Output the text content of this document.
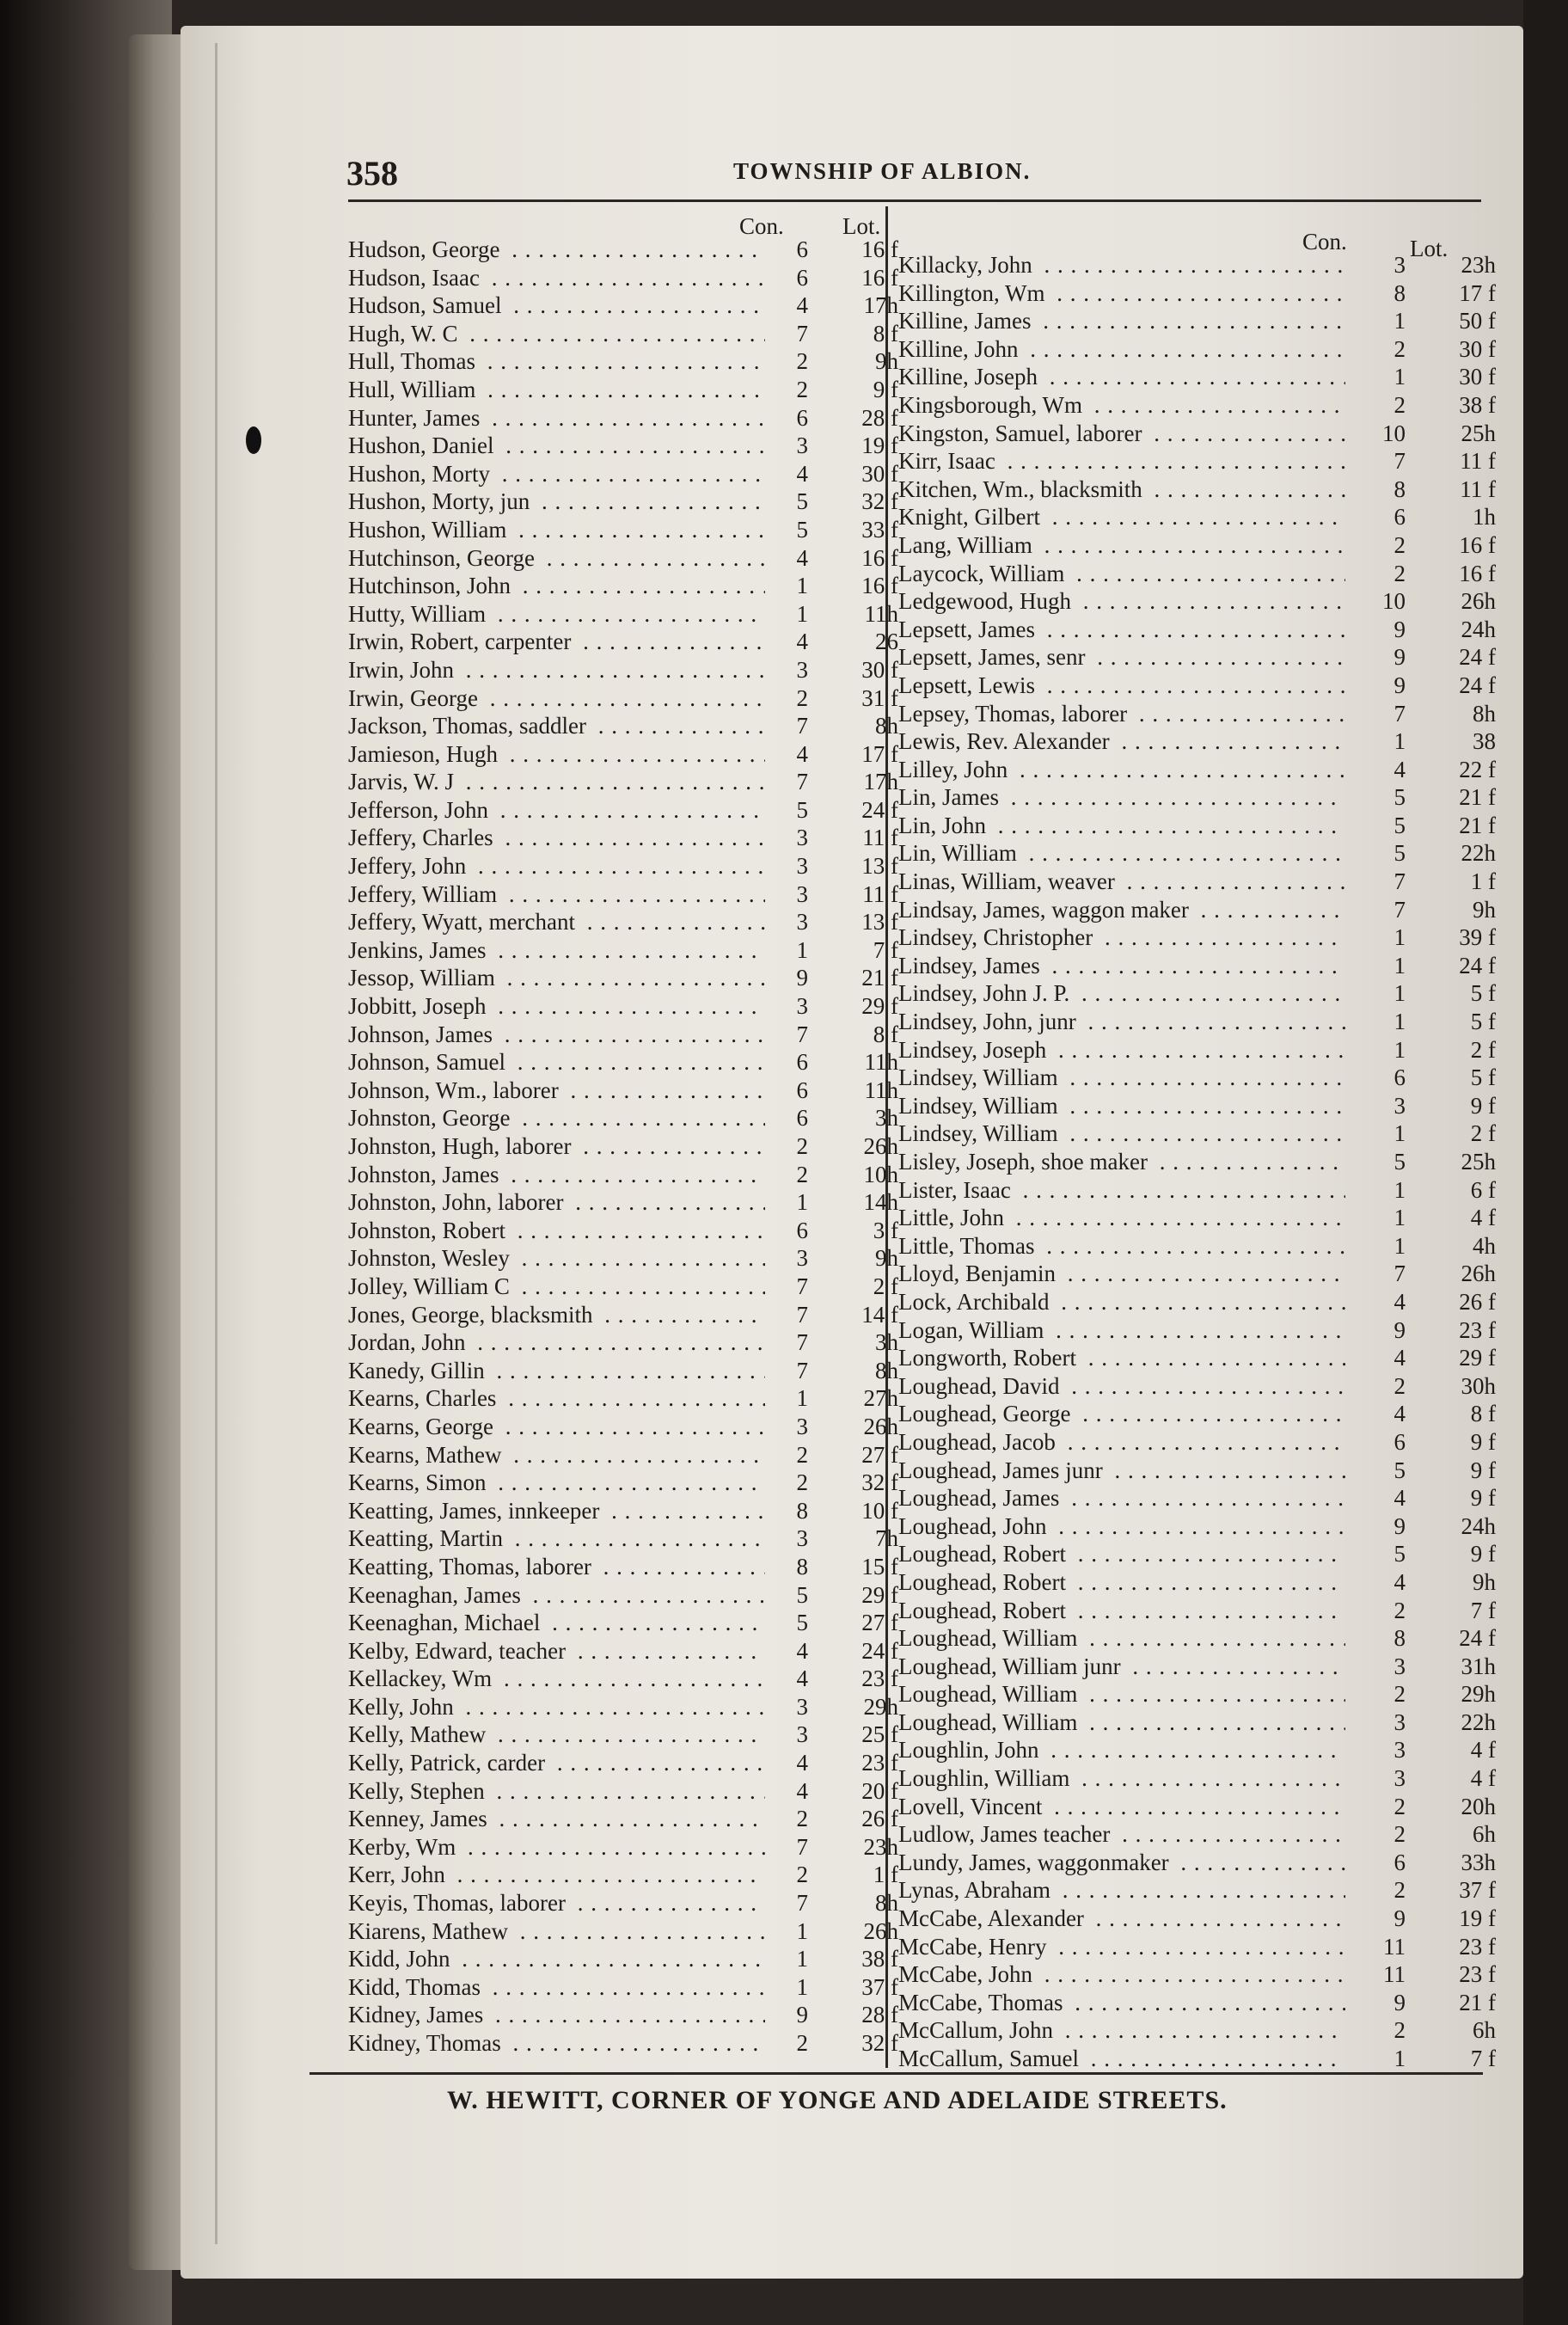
358	TOWNSHIP OF ALBION.
Con.	Lot.
Con.	Lot.
Hudson, George . . .	6	16 f
Hudson, Isaac . . .	6	16 f
Hudson, Samuel . . .	4	17h
Hugh, W. C . . .	7	8 f
Hull, Thomas . . .	2	9h
Hull, William . . .	2	9 f
Hunter, James . . .	6	28 f
Hushon, Daniel . . .	3	19 f
Hushon, Morty . . .	4	30 f
Hushon, Morty, jun . . .	5	32 f
Hushon, William . . .	5	33 f
Hutchinson, George . . .	4	16 f
Hutchinson, John . . .	1	16 f
Hutty, William . . .	1	11h
Irwin, Robert, carpenter . . .	4	26
Irwin, John . . .	3	30 f
Irwin, George . . .	2	31 f
Jackson, Thomas, saddler . . .	7	8h
Jamieson, Hugh . . .	4	17 f
Jarvis, W. J . . .	7	17h
Jefferson, John . . .	5	24 f
Jeffery, Charles . . .	3	11 f
Jeffery, John . . .	3	13 f
Jeffery, William . . .	3	11 f
Jeffery, Wyatt, merchant . . .	3	13 f
Jenkins, James . . .	1	7 f
Jessop, William . . .	9	21 f
Jobbitt, Joseph . . .	3	29 f
Johnson, James . . .	7	8 f
Johnson, Samuel . . .	6	11h
Johnson, Wm., laborer . . .	6	11h
Johnston, George . . .	6	3h
Johnston, Hugh, laborer . . .	2	26h
Johnston, James . . .	2	10h
Johnston, John, laborer . . .	1	14h
Johnston, Robert . . .	6	3 f
Johnston, Wesley . . .	3	9h
Jolley, William C . . .	7	2 f
Jones, George, blacksmith . . .	7	14 f
Jordan, John . . .	7	3h
Kanedy, Gillin . . .	7	8h
Kearns, Charles . . .	1	27h
Kearns, George . . .	3	26h
Kearns, Mathew . . .	2	27 f
Kearns, Simon . . .	2	32 f
Keatting, James, innkeeper . . .	8	10 f
Keatting, Martin . . .	3	7h
Keatting, Thomas, laborer . . .	8	15 f
Keenaghan, James . . .	5	29 f
Keenaghan, Michael . . .	5	27 f
Kelby, Edward, teacher . . .	4	24 f
Kellackey, Wm . . .	4	23 f
Kelly, John . . .	3	29h
Kelly, Mathew . . .	3	25 f
Kelly, Patrick, carder . . .	4	23 f
Kelly, Stephen . . .	4	20 f
Kenney, James . . .	2	26 f
Kerby, Wm . . .	7	23h
Kerr, John . . .	2	1 f
Keyis, Thomas, laborer . . .	7	8h
Kiarens, Mathew . . .	1	26h
Kidd, John . . .	1	38 f
Kidd, Thomas . . .	1	37 f
Kidney, James . . .	9	28 f
Kidney, Thomas . . .	2	32 f
Killacky, John . . .	3	23h
Killington, Wm . . .	8	17 f
Killine, James . . .	1	50 f
Killine, John . . .	2	30 f
Killine, Joseph . . .	1	30 f
Kingsborough, Wm . . .	2	38 f
Kingston, Samuel, laborer . . .	10	25h
Kirr, Isaac . . .	7	11 f
Kitchen, Wm., blacksmith . . .	8	11 f
Knight, Gilbert . . .	6	1h
Lang, William . . .	2	16 f
Laycock, William . . .	2	16 f
Ledgewood, Hugh . . .	10	26h
Lepsett, James . . .	9	24h
Lepsett, James, senr . . .	9	24 f
Lepsett, Lewis . . .	9	24 f
Lepsey, Thomas, laborer . . .	7	8h
Lewis, Rev. Alexander . . .	1	38
Lilley, John . . .	4	22 f
Lin, James . . .	5	21 f
Lin, John . . .	5	21 f
Lin, William . . .	5	22h
Linas, William, weaver . . .	7	1 f
Lindsay, James, waggon maker . . .	7	9h
Lindsey, Christopher . . .	1	39 f
Lindsey, James . . .	1	24 f
Lindsey, John J. P. . . .	1	5 f
Lindsey, John, junr . . .	1	5 f
Lindsey, Joseph . . .	1	2 f
Lindsey, William . . .	6	5 f
Lindsey, William . . .	3	9 f
Lindsey, William . . .	1	2 f
Lisley, Joseph, shoe maker . . .	5	25h
Lister, Isaac . . .	1	6 f
Little, John . . .	1	4 f
Little, Thomas . . .	1	4h
Lloyd, Benjamin . . .	7	26h
Lock, Archibald . . .	4	26 f
Logan, William . . .	9	23 f
Longworth, Robert . . .	4	29 f
Loughead, David . . .	2	30h
Loughead, George . . .	4	8 f
Loughead, Jacob . . .	6	9 f
Loughead, James junr . . .	5	9 f
Loughead, James . . .	4	9 f
Loughead, John . . .	9	24h
Loughead, Robert . . .	5	9 f
Loughead, Robert . . .	4	9h
Loughead, Robert . . .	2	7 f
Loughead, William . . .	8	24 f
Loughead, William junr . . .	3	31h
Loughead, William . . .	2	29h
Loughead, William . . .	3	22h
Loughlin, John . . .	3	4 f
Loughlin, William . . .	3	4 f
Lovell, Vincent . . .	2	20h
Ludlow, James teacher . . .	2	6h
Lundy, James, waggonmaker . . .	6	33h
Lynas, Abraham . . .	2	37 f
McCabe, Alexander . . .	9	19 f
McCabe, Henry . . .	11	23 f
McCabe, John . . .	11	23 f
McCabe, Thomas . . .	9	21 f
McCallum, John . . .	2	6h
McCallum, Samuel . . .	1	7 f
W. HEWITT, CORNER OF YONGE AND ADELAIDE STREETS.
